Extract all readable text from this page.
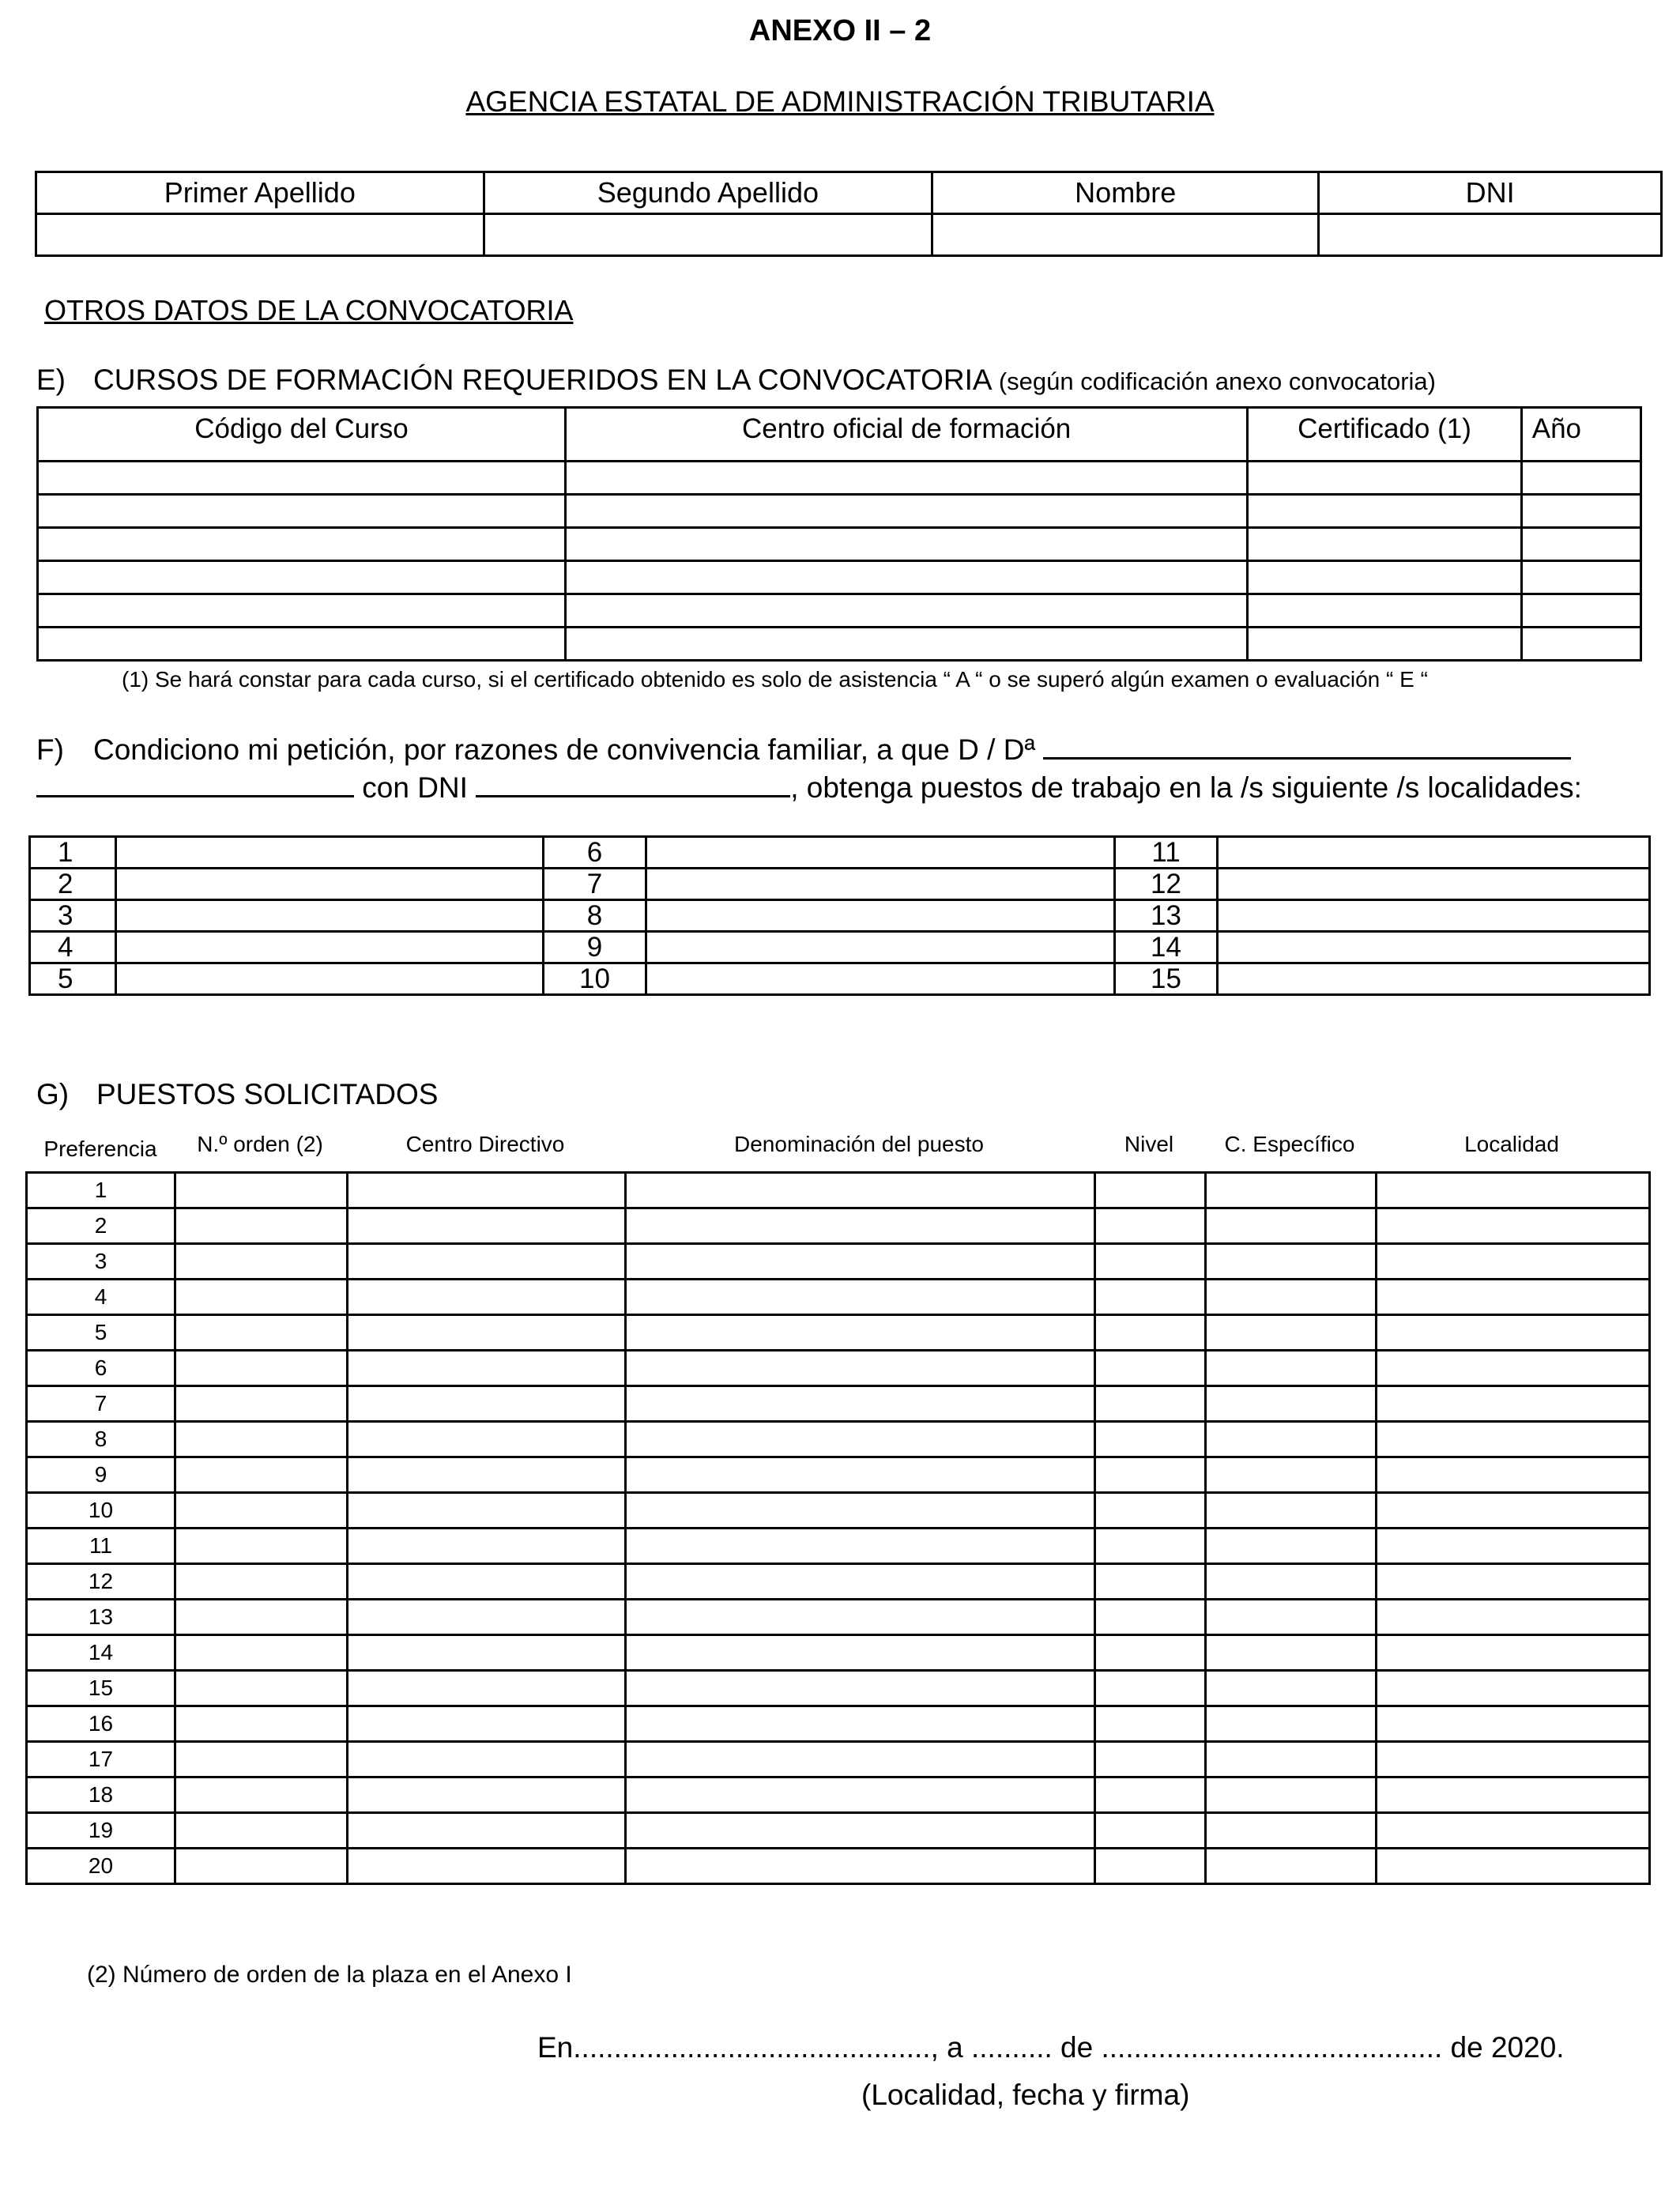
ANEXO II – 2
AGENCIA ESTATAL DE ADMINISTRACIÓN TRIBUTARIA
Primer Apellido	Segundo Apellido	Nombre	DNI

OTROS DATOS DE LA CONVOCATORIA
E) CURSOS DE FORMACIÓN REQUERIDOS EN LA CONVOCATORIA (según codificación anexo convocatoria)
Código del Curso	Centro oficial de formación	Certificado (1)	Año

(1) Se hará constar para cada curso, si el certificado obtenido es solo de asistencia “ A “ o se superó algún examen o evaluación “ E “
F) Condiciono mi petición, por razones de convivencia familiar, a que D / Dª
con DNI	, obtenga puestos de trabajo en la /s siguiente /s localidades:
1		6		11	
2		7		12	
3		8		13	
4		9		14	
5		10		15	
G) PUESTOS SOLICITADOS
Preferencia	N.º orden (2)	Centro Directivo	Denominación del puesto	Nivel	C. Específico	Localidad
1						
2						
3						
4						
5						
6						
7						
8						
9						
10						
11						
12						
13						
14						
15						
16						
17						
18						
19						
20						
(2) Número de orden de la plaza en el Anexo I
En............................................, a .......... de .......................................... de 2020.
(Localidad, fecha y firma)
